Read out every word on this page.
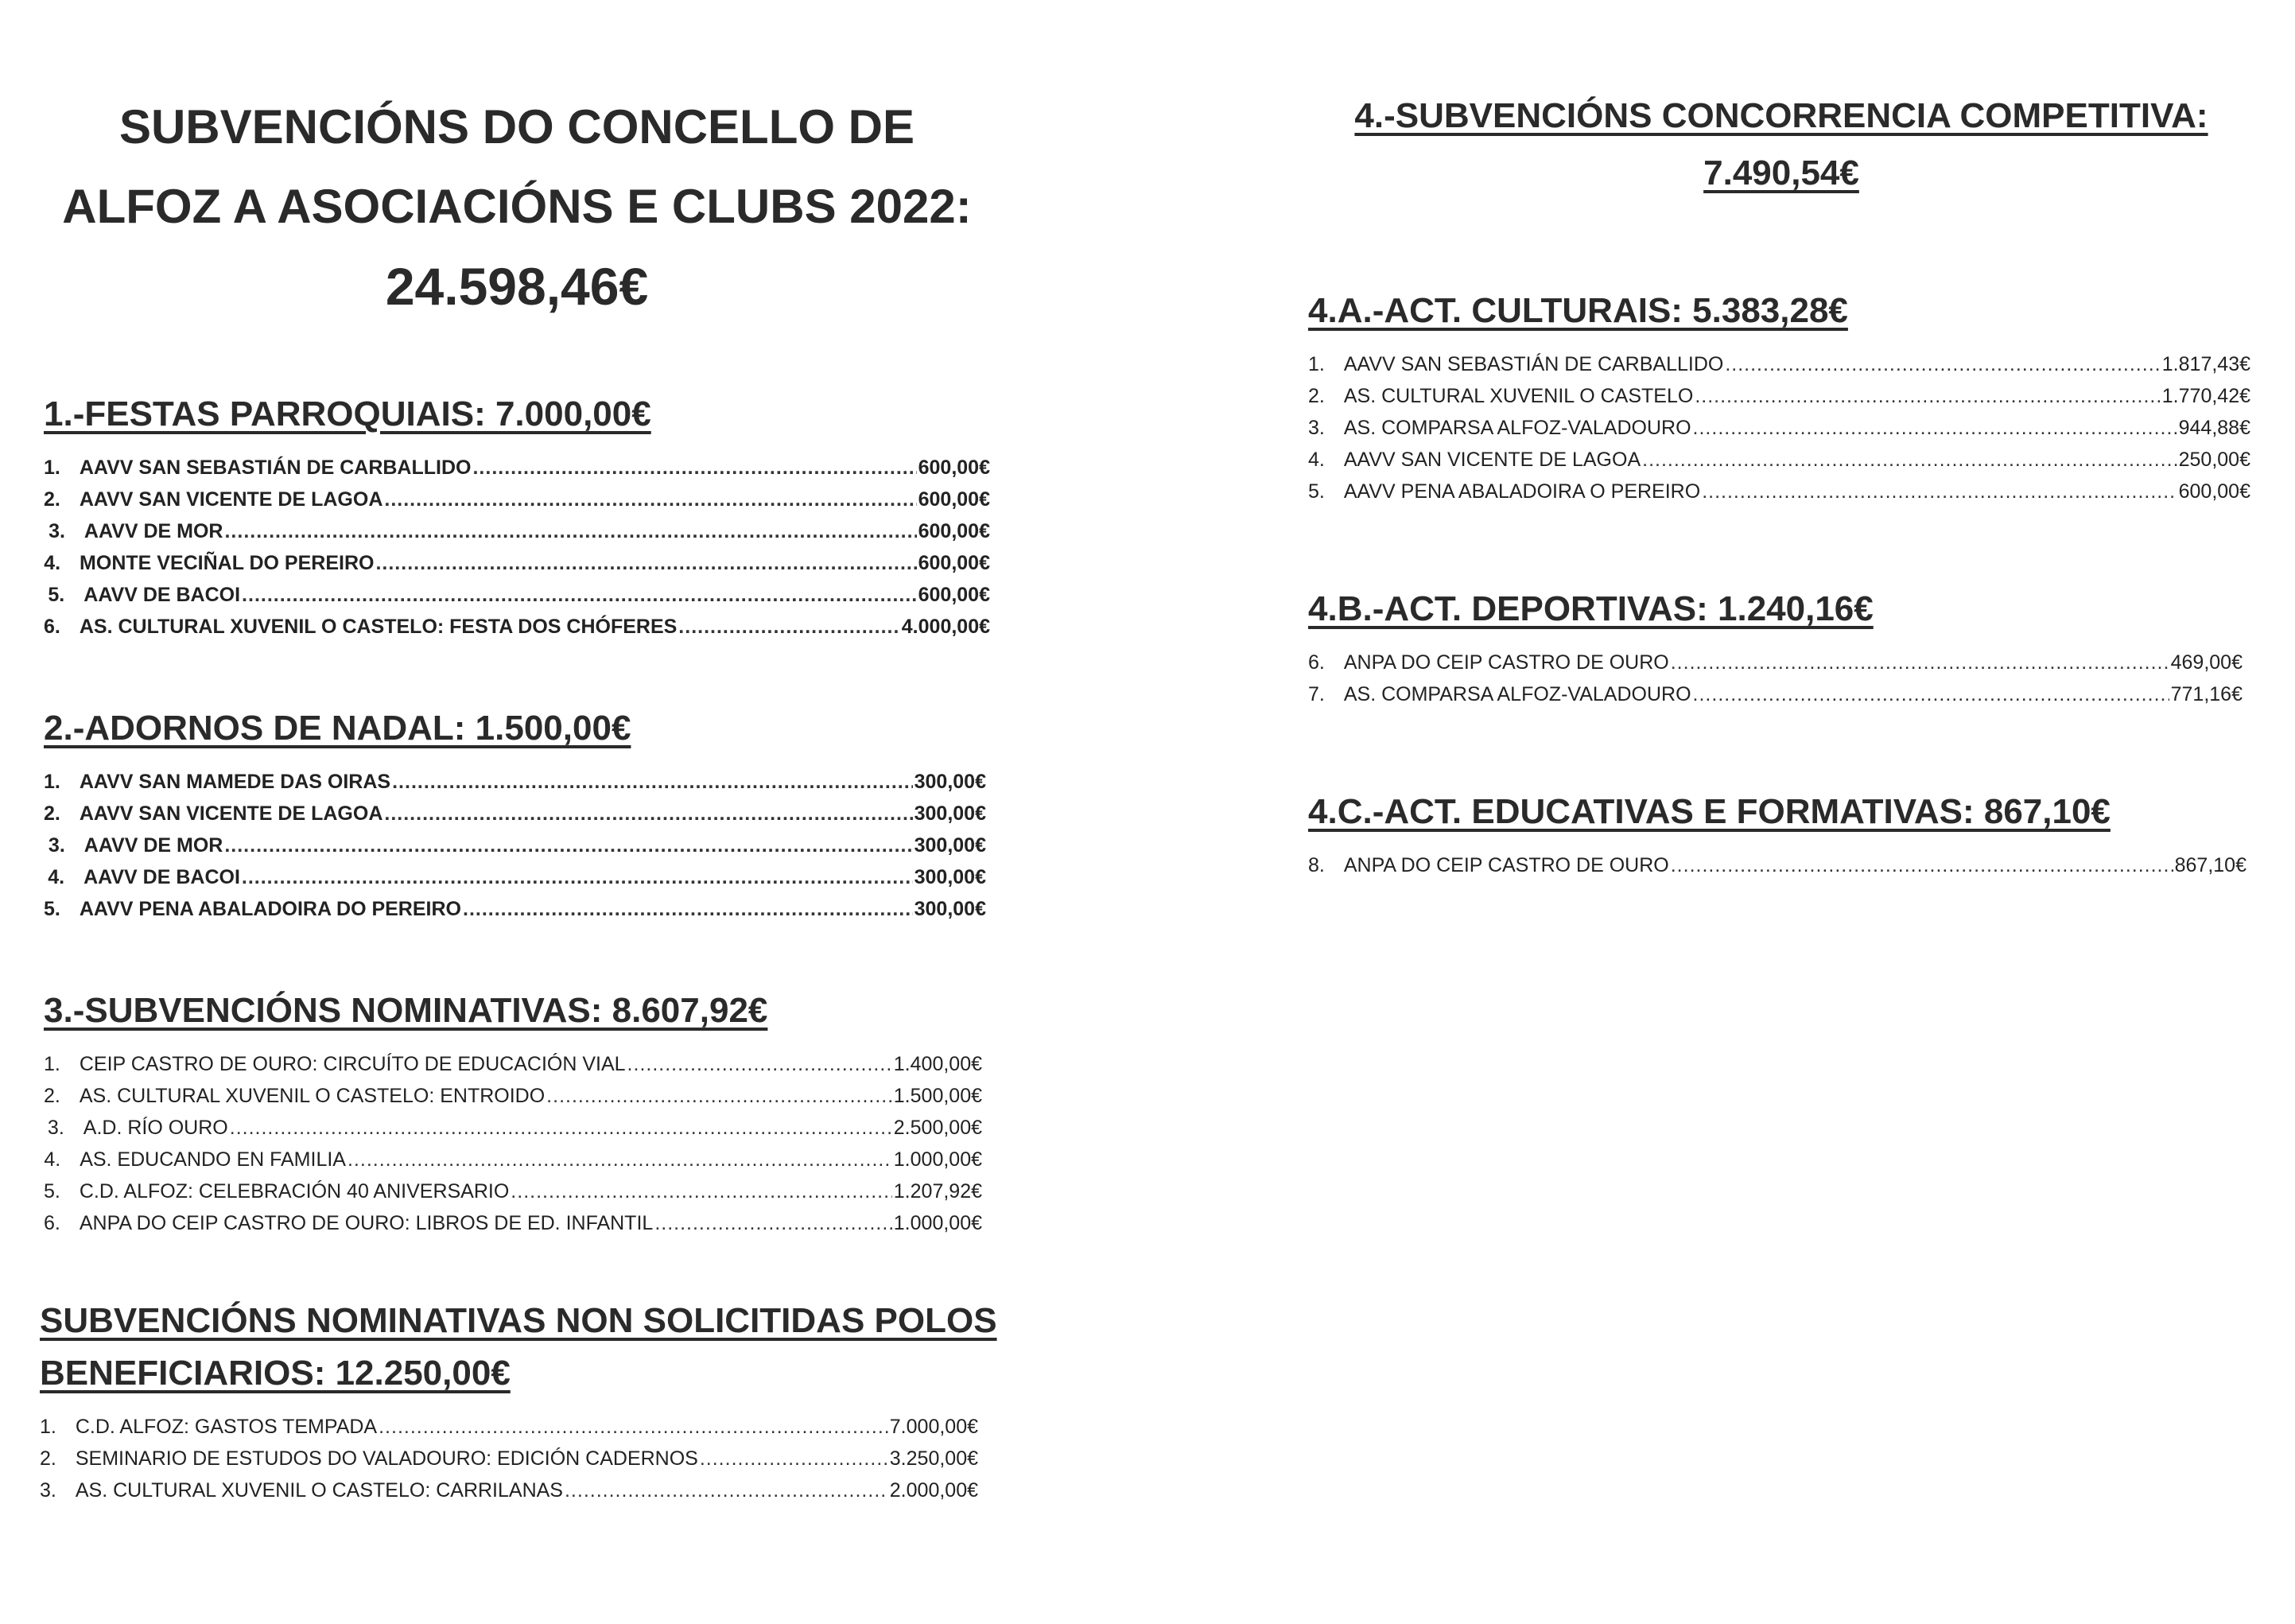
SUBVENCIÓNS DO CONCELLO DE
ALFOZ A ASOCIACIÓNS E CLUBS 2022:
24.598,46€
1.-FESTAS PARROQUIAIS: 7.000,00€
1. AAVV SAN SEBASTIÁN DE CARBALLIDO .....	600,00€
2. AAVV SAN VICENTE DE LAGOA .....	600,00€
3. AAVV DE MOR .....	600,00€
4. MONTE VECIÑAL DO PEREIRO .....	600,00€
5. AAVV DE BACOI .....	600,00€
6. AS. CULTURAL XUVENIL O CASTELO: FESTA DOS CHÓFERES .....	4.000,00€
2.-ADORNOS DE NADAL: 1.500,00€
1. AAVV SAN MAMEDE DAS OIRAS .....	300,00€
2. AAVV SAN VICENTE DE LAGOA .....	300,00€
3. AAVV DE MOR .....	300,00€
4. AAVV DE BACOI .....	300,00€
5. AAVV PENA ABALADOIRA DO PEREIRO .....	300,00€
3.-SUBVENCIÓNS NOMINATIVAS: 8.607,92€
1. CEIP CASTRO DE OURO: CIRCUÍTO DE EDUCACIÓN VIAL .....	1.400,00€
2. AS. CULTURAL XUVENIL O CASTELO: ENTROIDO .....	1.500,00€
3. A.D. RÍO OURO .....	2.500,00€
4. AS. EDUCANDO EN FAMILIA .....	1.000,00€
5. C.D. ALFOZ: CELEBRACIÓN 40 ANIVERSARIO .....	1.207,92€
6. ANPA DO CEIP CASTRO DE OURO: LIBROS DE ED. INFANTIL .....	1.000,00€
SUBVENCIÓNS NOMINATIVAS NON SOLICITIDAS POLOS
BENEFICIARIOS: 12.250,00€
1. C.D. ALFOZ: GASTOS TEMPADA .....	7.000,00€
2. SEMINARIO DE ESTUDOS DO VALADOURO: EDICIÓN CADERNOS .....	3.250,00€
3. AS. CULTURAL XUVENIL O CASTELO: CARRILANAS .....	2.000,00€
4.-SUBVENCIÓNS CONCORRENCIA COMPETITIVA:
7.490,54€
4.A.-ACT. CULTURAIS: 5.383,28€
1. AAVV SAN SEBASTIÁN DE CARBALLIDO .....	1.817,43€
2. AS. CULTURAL XUVENIL O CASTELO .....	1.770,42€
3. AS. COMPARSA ALFOZ-VALADOURO .....	944,88€
4. AAVV SAN VICENTE DE LAGOA .....	250,00€
5. AAVV PENA ABALADOIRA O PEREIRO .....	600,00€
4.B.-ACT. DEPORTIVAS: 1.240,16€
6. ANPA DO CEIP CASTRO DE OURO .....	469,00€
7. AS. COMPARSA ALFOZ-VALADOURO .....	771,16€
4.C.-ACT. EDUCATIVAS E FORMATIVAS: 867,10€
8. ANPA DO CEIP CASTRO DE OURO .....	867,10€
